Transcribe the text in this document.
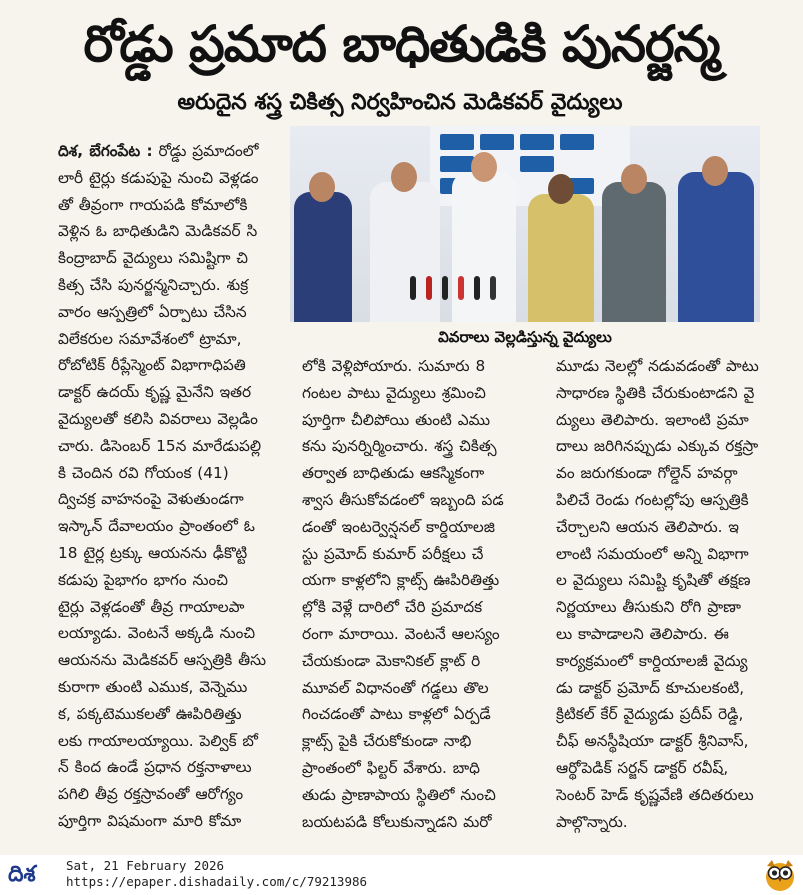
రోడ్డు ప్రమాద బాధితుడికి పునర్జన్మ
అరుదైన శస్త్ర చికిత్స నిర్వహించిన మెడికవర్ వైద్యులు

దిశ, బేగంపేట : రోడ్డు ప్రమాదంలో

లారీ టైర్లు కడుపుపై నుంచి వెళ్లడం

తో తీవ్రంగా గాయపడి కోమాలోకి

వెళ్లిన ఓ బాధితుడిని మెడికవర్ సి

కింద్రాబాద్ వైద్యులు సమిష్టిగా చి

కిత్స చేసి పునర్జన్మనిచ్చారు. శుక్ర

వారం ఆస్పత్రిలో ఏర్పాటు చేసిన

విలేకరుల సమావేశంలో ట్రామా,

రోబోటిక్ రీప్లేస్మెంట్ విభాగాధిపతి

డాక్టర్ ఉదయ్ కృష్ణ మైనేని ఇతర

వైద్యులతో కలిసి వివరాలు వెల్లడిం

చారు. డిసెంబర్ 15న మారేడుపల్లి

కి చెందిన రవి గోయంక (41)

ద్విచక్ర వాహనంపై వెళుతుండగా

ఇస్కాన్ దేవాలయం ప్రాంతంలో ఓ

18 టైర్ల ట్రక్కు ఆయనను ఢీకొట్టి

కడుపు పైభాగం భాగం నుంచి

టైర్లు వెళ్లడంతో తీవ్ర గాయాలపా

లయ్యాడు. వెంటనే అక్కడి నుంచి

ఆయనను మెడికవర్ ఆస్పత్రికి తీసు

కురాగా తుంటి ఎముక, వెన్నెము

క, పక్కటెముకలతో ఊపిరితిత్తు

లకు గాయాలయ్యాయి. పెల్విక్ బో

న్ కింద ఉండే ప్రధాన రక్తనాళాలు

పగిలి తీవ్ర రక్తస్రావంతో ఆరోగ్యం

పూర్తిగా విషమంగా మారి కోమా

వివరాలు వెల్లడిస్తున్న వైద్యులు

లోకి వెళ్లిపోయారు. సుమారు 8

గంటల పాటు వైద్యులు శ్రమించి

పూర్తిగా చీలిపోయి తుంటి ఎము

కను పునర్నిర్మించారు. శస్త్ర చికిత్స

తర్వాత బాధితుడు ఆకస్మికంగా

శ్వాస తీసుకోవడంలో ఇబ్బంది పడ

డంతో ఇంటర్వెన్షనల్ కార్డియాలజి

స్టు ప్రమోద్ కుమార్ పరీక్షలు చే

యగా కాళ్లలోని క్లాట్స్ ఊపిరితిత్తు

ల్లోకి వెళ్లే దారిలో చేరి ప్రమాదక

రంగా మారాయి. వెంటనే ఆలస్యం

చేయకుండా మెకానికల్ క్లాట్ రి

మూవల్ విధానంతో గడ్డలు తొల

గించడంతో పాటు కాళ్లలో ఏర్పడే

క్లాట్స్ పైకి చేరుకోకుండా నాభి

ప్రాంతంలో ఫిల్టర్ వేశారు. బాధి

తుడు ప్రాణాపాయ స్థితిలో నుంచి

బయటపడి కోలుకున్నాడని మరో

మూడు నెలల్లో నడువడంతో పాటు

సాధారణ స్థితికి చేరుకుంటాడని వై

ద్యులు తెలిపారు. ఇలాంటి ప్రమా

దాలు జరిగినప్పుడు ఎక్కువ రక్తస్రా

వం జరుగకుండా గోల్డెన్ హవర్గా

పిలిచే రెండు గంటల్లోపు ఆస్పత్రికి

చేర్చాలని ఆయన తెలిపారు. ఇ

లాంటి సమయంలో అన్ని విభాగా

ల వైద్యులు సమిష్టి కృషితో తక్షణ

నిర్ణయాలు తీసుకుని రోగి ప్రాణా

లు కాపాడాలని తెలిపారు. ఈ

కార్యక్రమంలో కార్డియాలజీ వైద్యు

డు డాక్టర్ ప్రమోద్ కూచులకంటి,

క్రిటికల్ కేర్ వైద్యుడు ప్రదీప్ రెడ్డి,

చీఫ్ అనస్థీషియా డాక్టర్ శ్రీనివాస్,

ఆర్థోపెడిక్ సర్జన్ డాక్టర్ రవీష్,

సెంటర్ హెడ్ కృష్ణవేణి తదితరులు

పాల్గొన్నారు.

దిశ Sat, 21 February 2026
https://epaper.dishadaily.com/c/79213986
